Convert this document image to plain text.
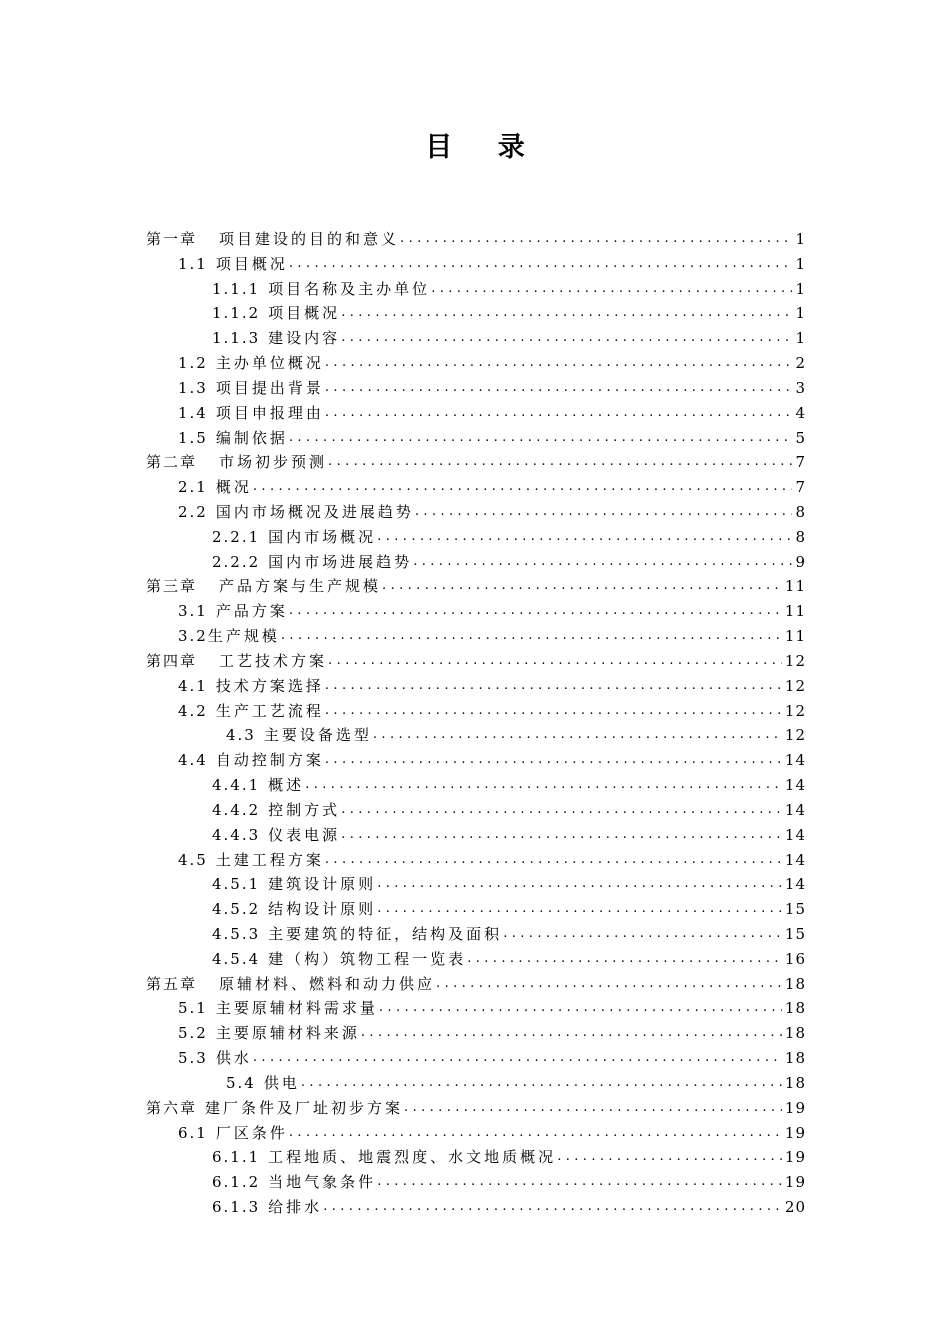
目 录
第一章 项目建设的目的和意义 .....	1
1.1 项目概况 .....	1
1.1.1 项目名称及主办单位 .....	1
1.1.2 项目概况 .....	1
1.1.3 建设内容 .....	1
1.2 主办单位概况 .....	2
1.3 项目提出背景 .....	3
1.4 项目申报理由 .....	4
1.5 编制依据 .....	5
第二章 市场初步预测 .....	7
2.1 概况 .....	7
2.2 国内市场概况及进展趋势 .....	8
2.2.1 国内市场概况 .....	8
2.2.2 国内市场进展趋势 .....	9
第三章 产品方案与生产规模 .....	11
3.1 产品方案 .....	11
3.2 生产规模 .....	11
第四章 工艺技术方案 .....	12
4.1 技术方案选择 .....	12
4.2 生产工艺流程 .....	12
4.3 主要设备选型 .....	12
4.4 自动控制方案 .....	14
4.4.1 概述 .....	14
4.4.2 控制方式 .....	14
4.4.3 仪表电源 .....	14
4.5 土建工程方案 .....	14
4.5.1 建筑设计原则 .....	14
4.5.2 结构设计原则 .....	15
4.5.3 主要建筑的特征，结构及面积 .....	15
4.5.4 建（构）筑物工程一览表 .....	16
第五章 原辅材料、燃料和动力供应 .....	18
5.1 主要原辅材料需求量 .....	18
5.2 主要原辅材料来源 .....	18
5.3 供水 .....	18
5.4 供电 .....	18
第六章 建厂条件及厂址初步方案 .....	19
6.1 厂区条件 .....	19
6.1.1 工程地质、地震烈度、水文地质概况 .....	19
6.1.2 当地气象条件 .....	19
6.1.3 给排水 .....	20
